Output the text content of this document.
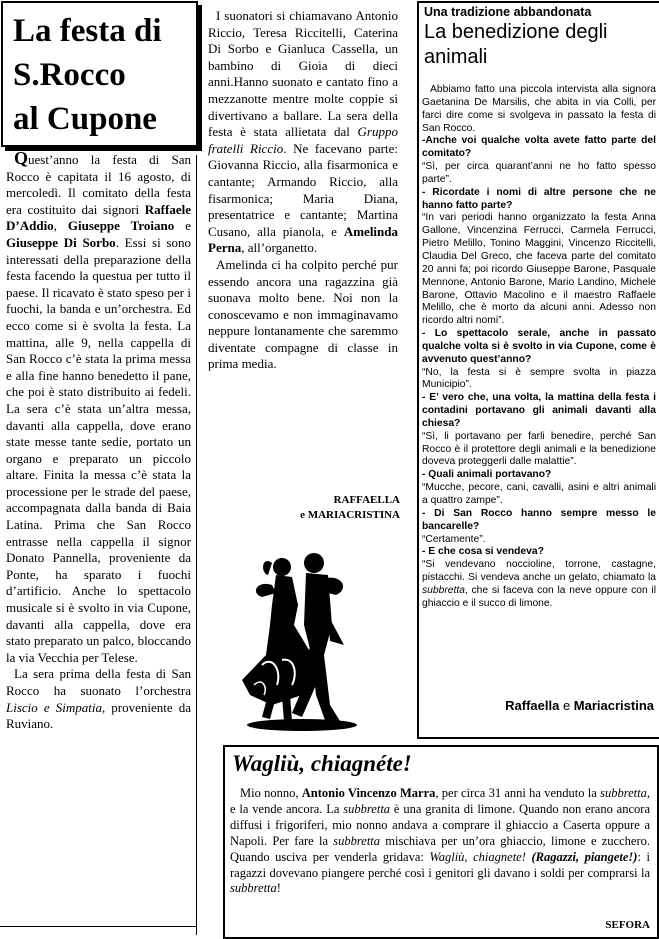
La festa di
S.Rocco
al Cupone

Quest’anno la festa di San Rocco è capitata il 16 agosto, di mercoledì. Il comitato della festa era costituito dai signori Raffaele D’Addio, Giuseppe Troiano e Giuseppe Di Sorbo. Essi si sono interessati della preparazione della festa facendo la questua per tutto il paese. Il ricavato è stato speso per i fuochi, la banda e un’orchestra. Ed ecco come si è svolta la festa. La mattina, alle 9, nella cappella di San Rocco c’è stata la prima messa e alla fine hanno benedetto il pane, che poi è stato distribuito ai fedeli. La sera c’è stata un’altra messa, davanti alla cappella, dove erano state messe tante sedie, portato un organo e preparato un piccolo altare. Finita la messa c’è stata la processione per le strade del paese, accompagnata dalla banda di Baia Latina. Prima che San Rocco entrasse nella cappella il signor Donato Pannella, proveniente da Ponte, ha sparato i fuochi d’artificio. Anche lo spettacolo musicale si è svolto in via Cupone, davanti alla cappella, dove era stato preparato un palco, bloccando la via Vecchia per Telese.

La sera prima della festa di San Rocco ha suonato l’orchestra Liscio e Simpatia, proveniente da Ruviano.

I suonatori si chiamavano Antonio Riccio, Teresa Riccitelli, Caterina Di Sorbo e Gianluca Cassella, un bambino di Gioia di dieci anni.Hanno suonato e cantato fino a mezzanotte mentre molte coppie si divertivano a ballare. La sera della festa è stata allietata dal Gruppo fratelli Riccio. Ne facevano parte: Giovanna Riccio, alla fisarmonica e cantante; Armando Riccio, alla fisarmonica; Maria Diana, presentatrice e cantante; Martina Cusano, alla pianola, e Amelinda Perna, all’organetto.

Amelinda ci ha colpito perché pur essendo ancora una ragazzina già suonava molto bene. Noi non la conoscevamo e non immaginavamo neppure lontanamente che saremmo diventate compagne di classe in prima media.

RAFFAELLA
e MARIACRISTINA
Una tradizione abbandonata
La benedizione degli animali

Abbiamo fatto una piccola intervista alla signora Gaetanina De Marsilis, che abita in via Colli, per farci dire come si svolgeva in passato la festa di San Rocco.

-Anche voi qualche volta avete fatto parte del comitato?

“Sì, per circa quarant’anni ne ho fatto spesso parte”.

- Ricordate i nomi di altre persone che ne hanno fatto parte?

“In vari periodi hanno organizzato la festa Anna Gallone, Vincenzina Ferrucci, Carmela Ferrucci, Pietro Melillo, Tonino Maggini, Vincenzo Riccitelli, Claudia Del Greco, che faceva parte del comitato 20 anni fa; poi ricordo Giuseppe Barone, Pasquale Mennone, Antonio Barone, Mario Landino, Michele Barone, Ottavio Macolino e il maestro Raffaele Melillo, che è morto da alcuni anni. Adesso non ricordo altri nomi”.

- Lo spettacolo serale, anche in passato qualche volta si è svolto in via Cupone, come è avvenuto quest’anno?

“No, la festa si è sempre svolta in piazza Municipio”.

- E’ vero che, una volta, la mattina della festa i contadini portavano gli animali davanti alla chiesa?

“Sì, li portavano per farli benedire, perché San Rocco è il protettore degli animali e la benedizione doveva proteggerli dalle malattie”.

- Quali animali portavano?

“Mucche, pecore, cani, cavalli, asini e altri animali a quattro zampe”.

- Di San Rocco hanno sempre messo le bancarelle?

“Certamente”.

- E che cosa si vendeva?

“Si vendevano noccioline, torrone, castagne, pistacchi. Si vendeva anche un gelato, chiamato la subbretta, che si faceva con la neve oppure con il ghiaccio e il succo di limone.

Raffaella e Mariacristina
Wagliù, chiagnéte!

Mio nonno, Antonio Vincenzo Marra, per circa 31 anni ha venduto la subbretta, e la vende ancora. La subbretta è una granita di limone. Quando non erano ancora diffusi i frigoriferi, mio nonno andava a comprare il ghiaccio a Caserta oppure a Napoli. Per fare la subbretta mischiava per un’ora ghiaccio, limone e zucchero. Quando usciva per venderla gridava: Wagliù, chiagnete! (Ragazzi, piangete!): i ragazzi dovevano piangere perché così i genitori gli davano i soldi per comprarsi la subbretta!

SEFORA
